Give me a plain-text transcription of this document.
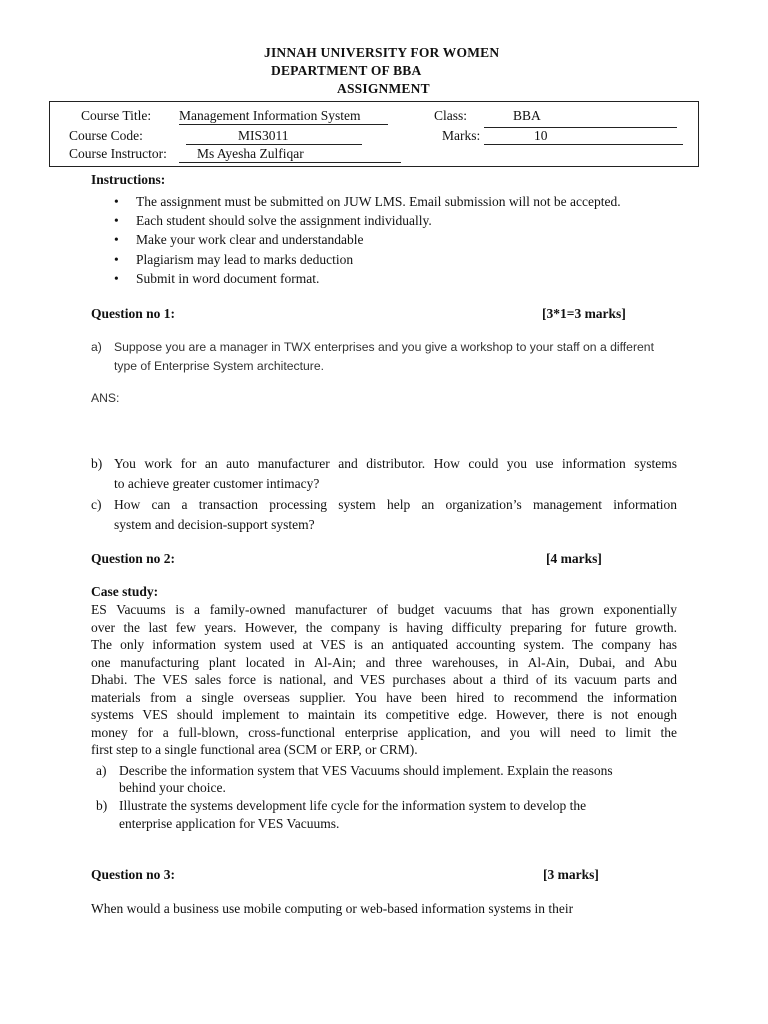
JINNAH UNIVERSITY FOR WOMEN
DEPARTMENT OF BBA
ASSIGNMENT
Course Title: Management Information System	Class:	BBA
Course Code:	MIS3011	Marks:	10
Course Instructor: Ms Ayesha Zulfiqar
Instructions:
• The assignment must be submitted on JUW LMS. Email submission will not be accepted.
• Each student should solve the assignment individually.
• Make your work clear and understandable
• Plagiarism may lead to marks deduction
• Submit in word document format.
Question no 1:	[3*1=3 marks]
a) Suppose you are a manager in TWX enterprises and you give a workshop to your staff on a different
type of Enterprise System architecture.
ANS:
b) You work for an auto manufacturer and distributor. How could you use information systems
to achieve greater customer intimacy?
c) How can a transaction processing system help an organization’s management information
system and decision-support system?
Question no 2:	[4 marks]
Case study:
ES Vacuums is a family-owned manufacturer of budget vacuums that has grown exponentially
over the last few years. However, the company is having difficulty preparing for future growth.
The only information system used at VES is an antiquated accounting system. The company has
one manufacturing plant located in Al-Ain; and three warehouses, in Al-Ain, Dubai, and Abu
Dhabi. The VES sales force is national, and VES purchases about a third of its vacuum parts and
materials from a single overseas supplier. You have been hired to recommend the information
systems VES should implement to maintain its competitive edge. However, there is not enough
money for a full-blown, cross-functional enterprise application, and you will need to limit the
first step to a single functional area (SCM or ERP, or CRM).
a) Describe the information system that VES Vacuums should implement. Explain the reasons
behind your choice.
b) Illustrate the systems development life cycle for the information system to develop the
enterprise application for VES Vacuums.
Question no 3:	[3 marks]
When would a business use mobile computing or web-based information systems in their
